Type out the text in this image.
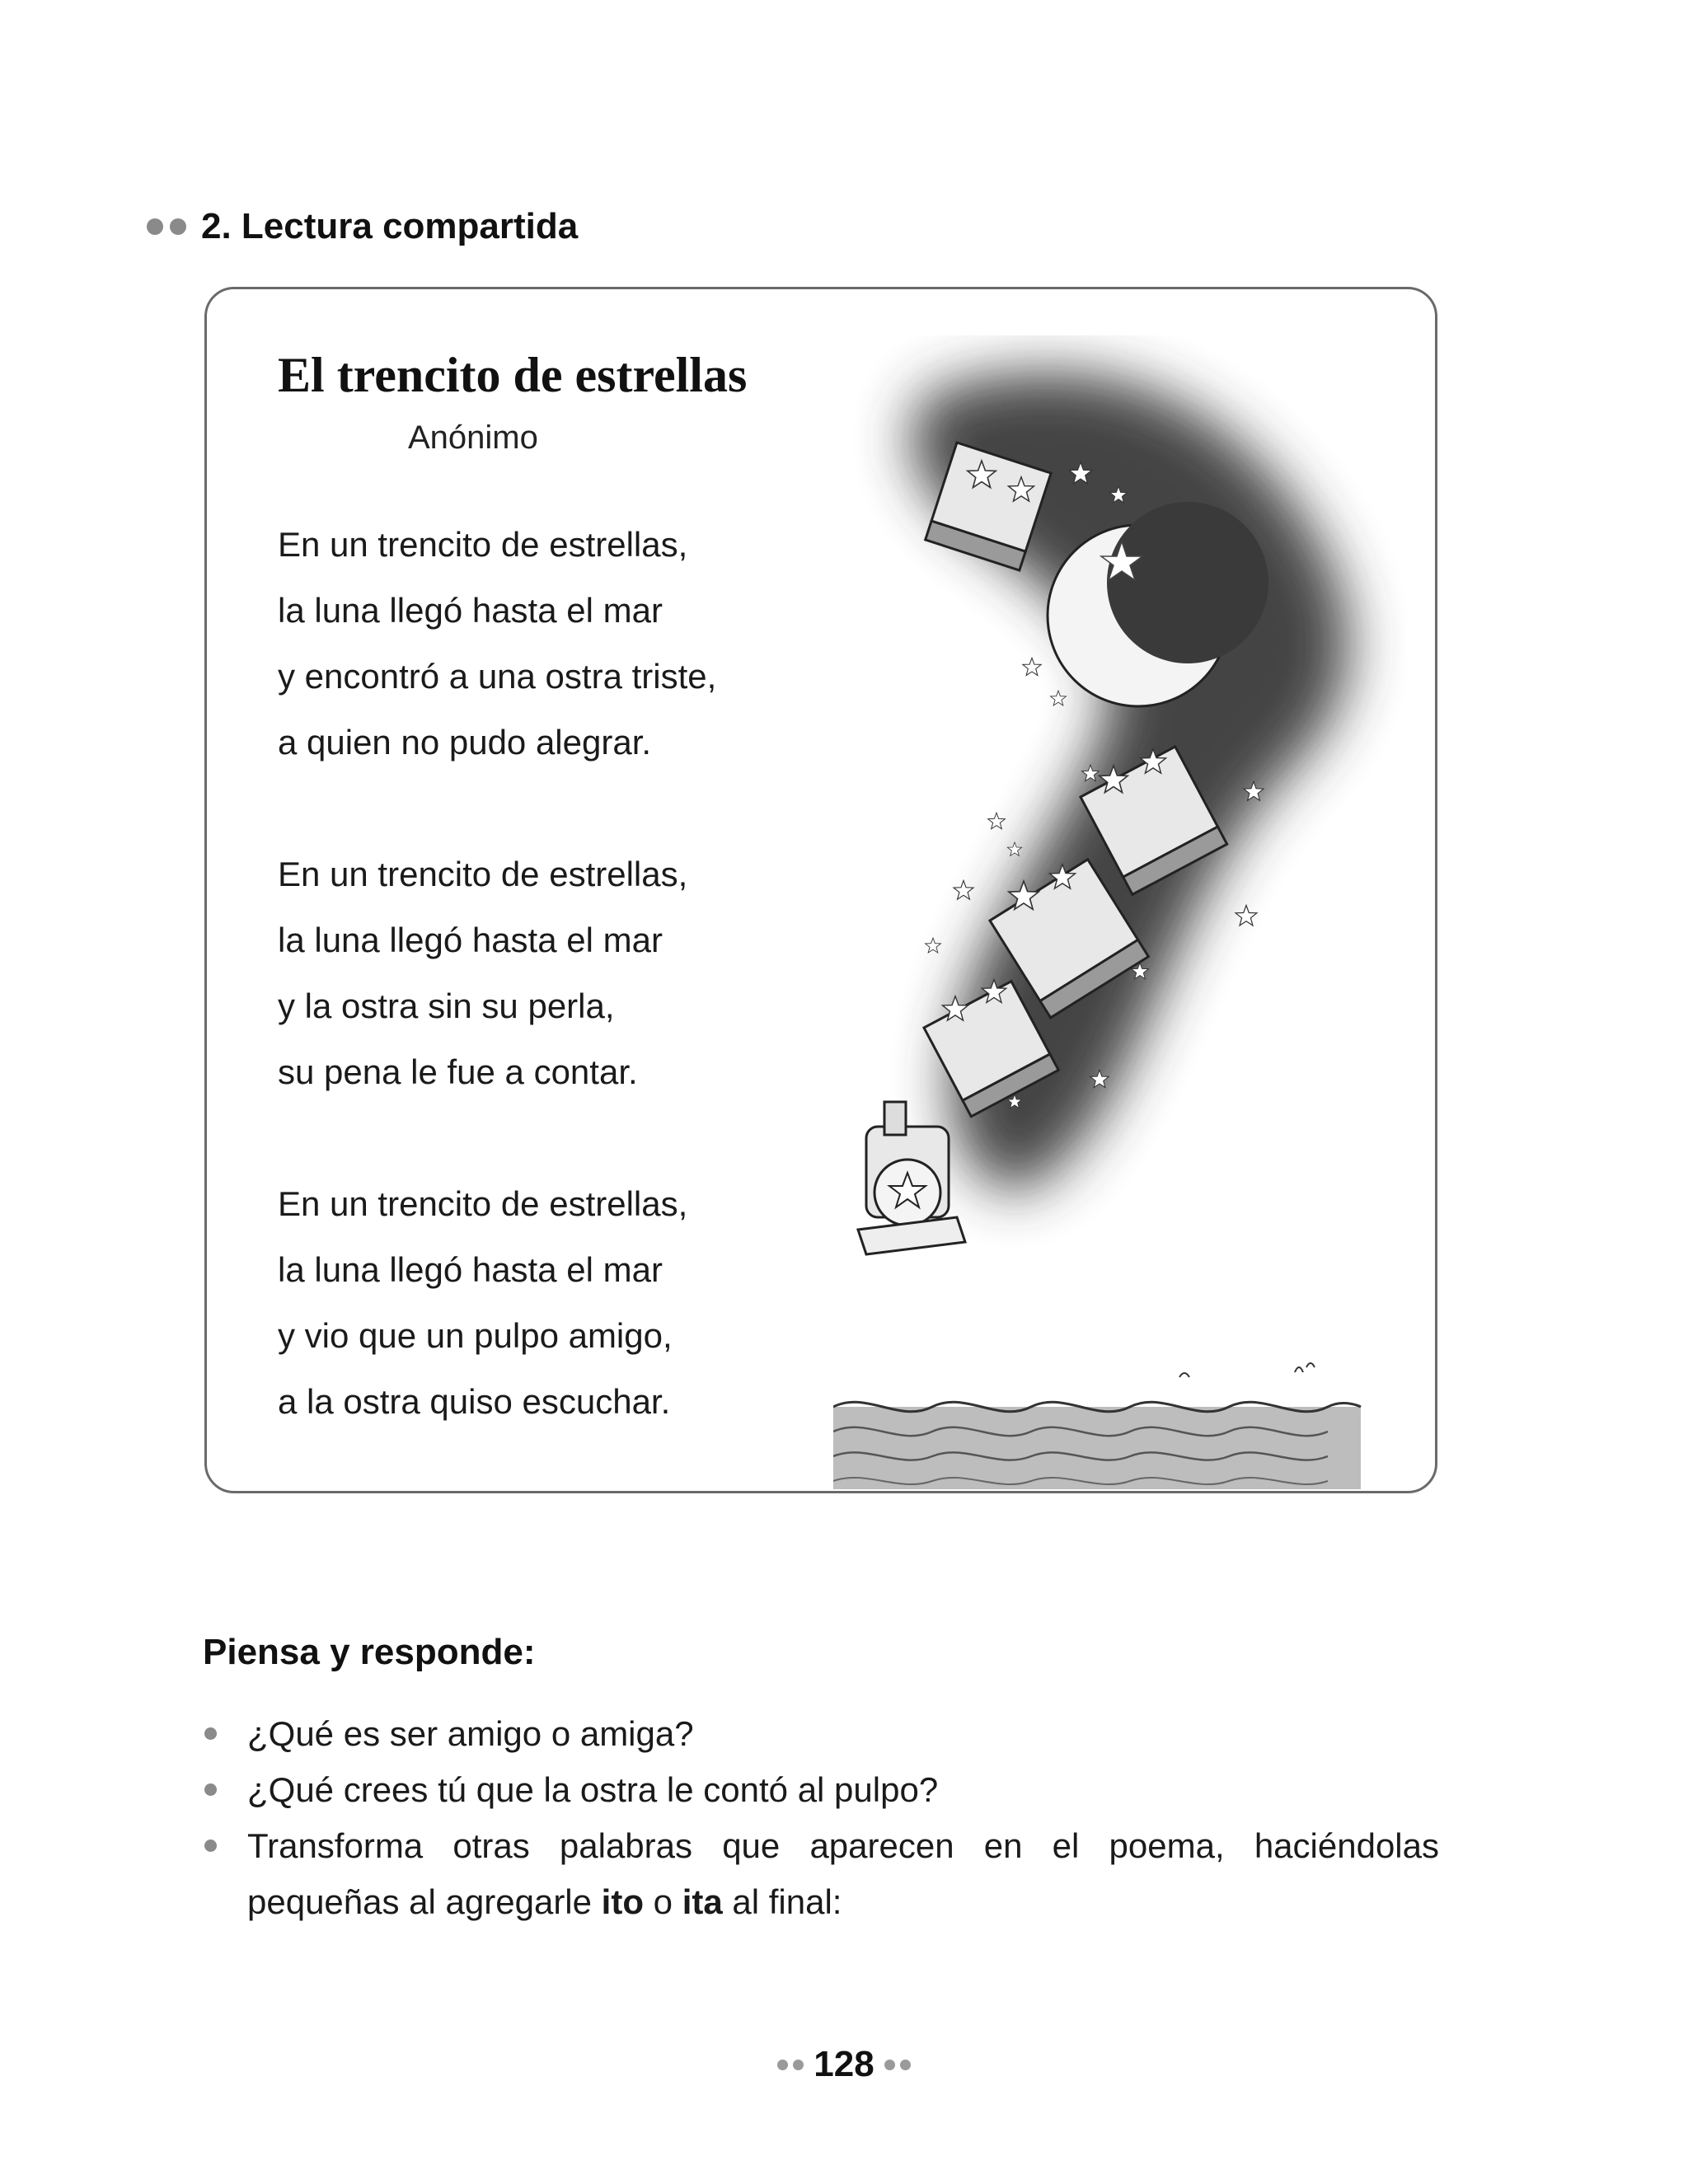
2. Lectura compartida
El trencito de estrellas
Anónimo
En un trencito de estrellas,
la luna llegó hasta el mar
y encontró a una ostra triste,
a quien no pudo alegrar.
En un trencito de estrellas,
la luna llegó hasta el mar
y la ostra sin su perla,
su pena le fue a contar.
En un trencito de estrellas,
la luna llegó hasta el mar
y vio que un pulpo amigo,
a la ostra quiso escuchar.
Piensa y responde:
¿Qué es ser amigo o amiga?
¿Qué crees tú que la ostra le contó al pulpo?
Transforma otras palabras que aparecen en el poema, haciéndolas pequeñas al agregarle ito o ita al final:
128
